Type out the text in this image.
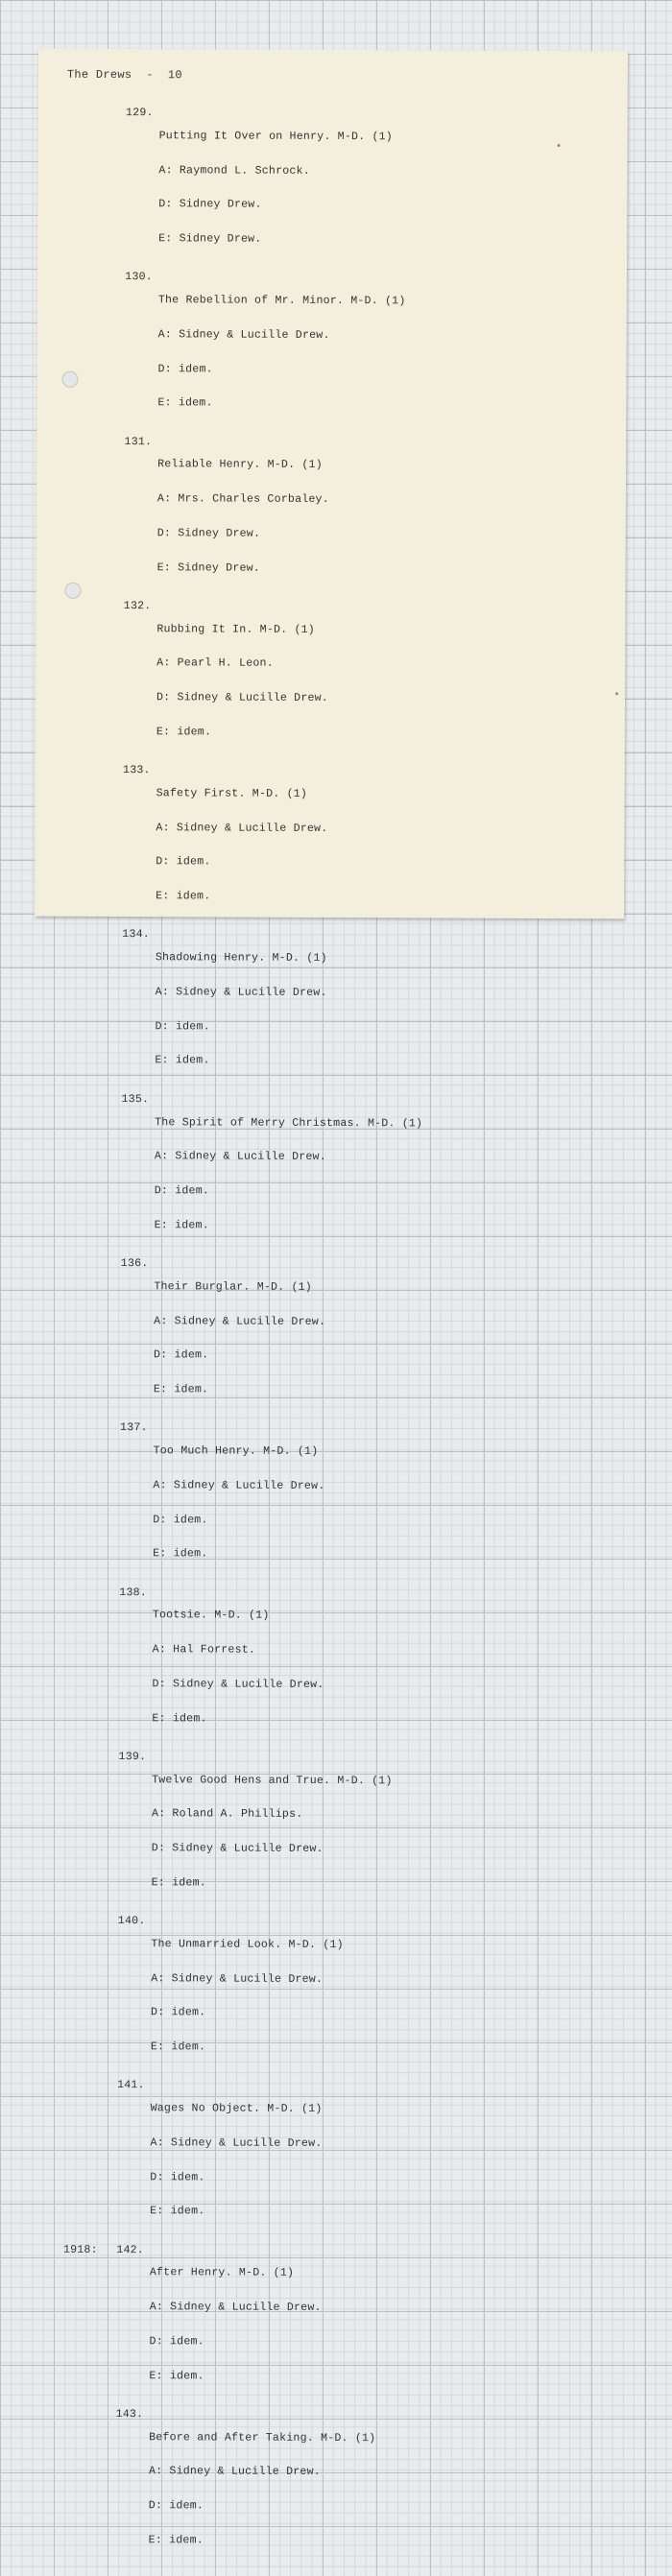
The Drews  -  10
129.

Putting It Over on Henry. M-D. (1)

A: Raymond L. Schrock.

D: Sidney Drew.

E: Sidney Drew.

130.

The Rebellion of Mr. Minor. M-D. (1)

A: Sidney & Lucille Drew.

D: idem.

E: idem.

131.

Reliable Henry. M-D. (1)

A: Mrs. Charles Corbaley.

D: Sidney Drew.

E: Sidney Drew.

132.

Rubbing It In. M-D. (1)

A: Pearl H. Leon.

D: Sidney & Lucille Drew.

E: idem.

133.

Safety First. M-D. (1)

A: Sidney & Lucille Drew.

D: idem.

E: idem.

134.

Shadowing Henry. M-D. (1)

A: Sidney & Lucille Drew.

D: idem.

E: idem.

135.

The Spirit of Merry Christmas. M-D. (1)

A: Sidney & Lucille Drew.

D: idem.

E: idem.

136.

Their Burglar. M-D. (1)

A: Sidney & Lucille Drew.

D: idem.

E: idem.

137.

Too Much Henry. M-D. (1)

A: Sidney & Lucille Drew.

D: idem.

E: idem.

138.

Tootsie. M-D. (1)

A: Hal Forrest.

D: Sidney & Lucille Drew.

E: idem.

139.

Twelve Good Hens and True. M-D. (1)

A: Roland A. Phillips.

D: Sidney & Lucille Drew.

E: idem.

140.

The Unmarried Look. M-D. (1)

A: Sidney & Lucille Drew.

D: idem.

E: idem.

141.

Wages No Object. M-D. (1)

A: Sidney & Lucille Drew.

D: idem.

E: idem.

1918:	142.

After Henry. M-D. (1)

A: Sidney & Lucille Drew.

D: idem.

E: idem.

143.

Before and After Taking. M-D. (1)

A: Sidney & Lucille Drew.

D: idem.

E: idem.
